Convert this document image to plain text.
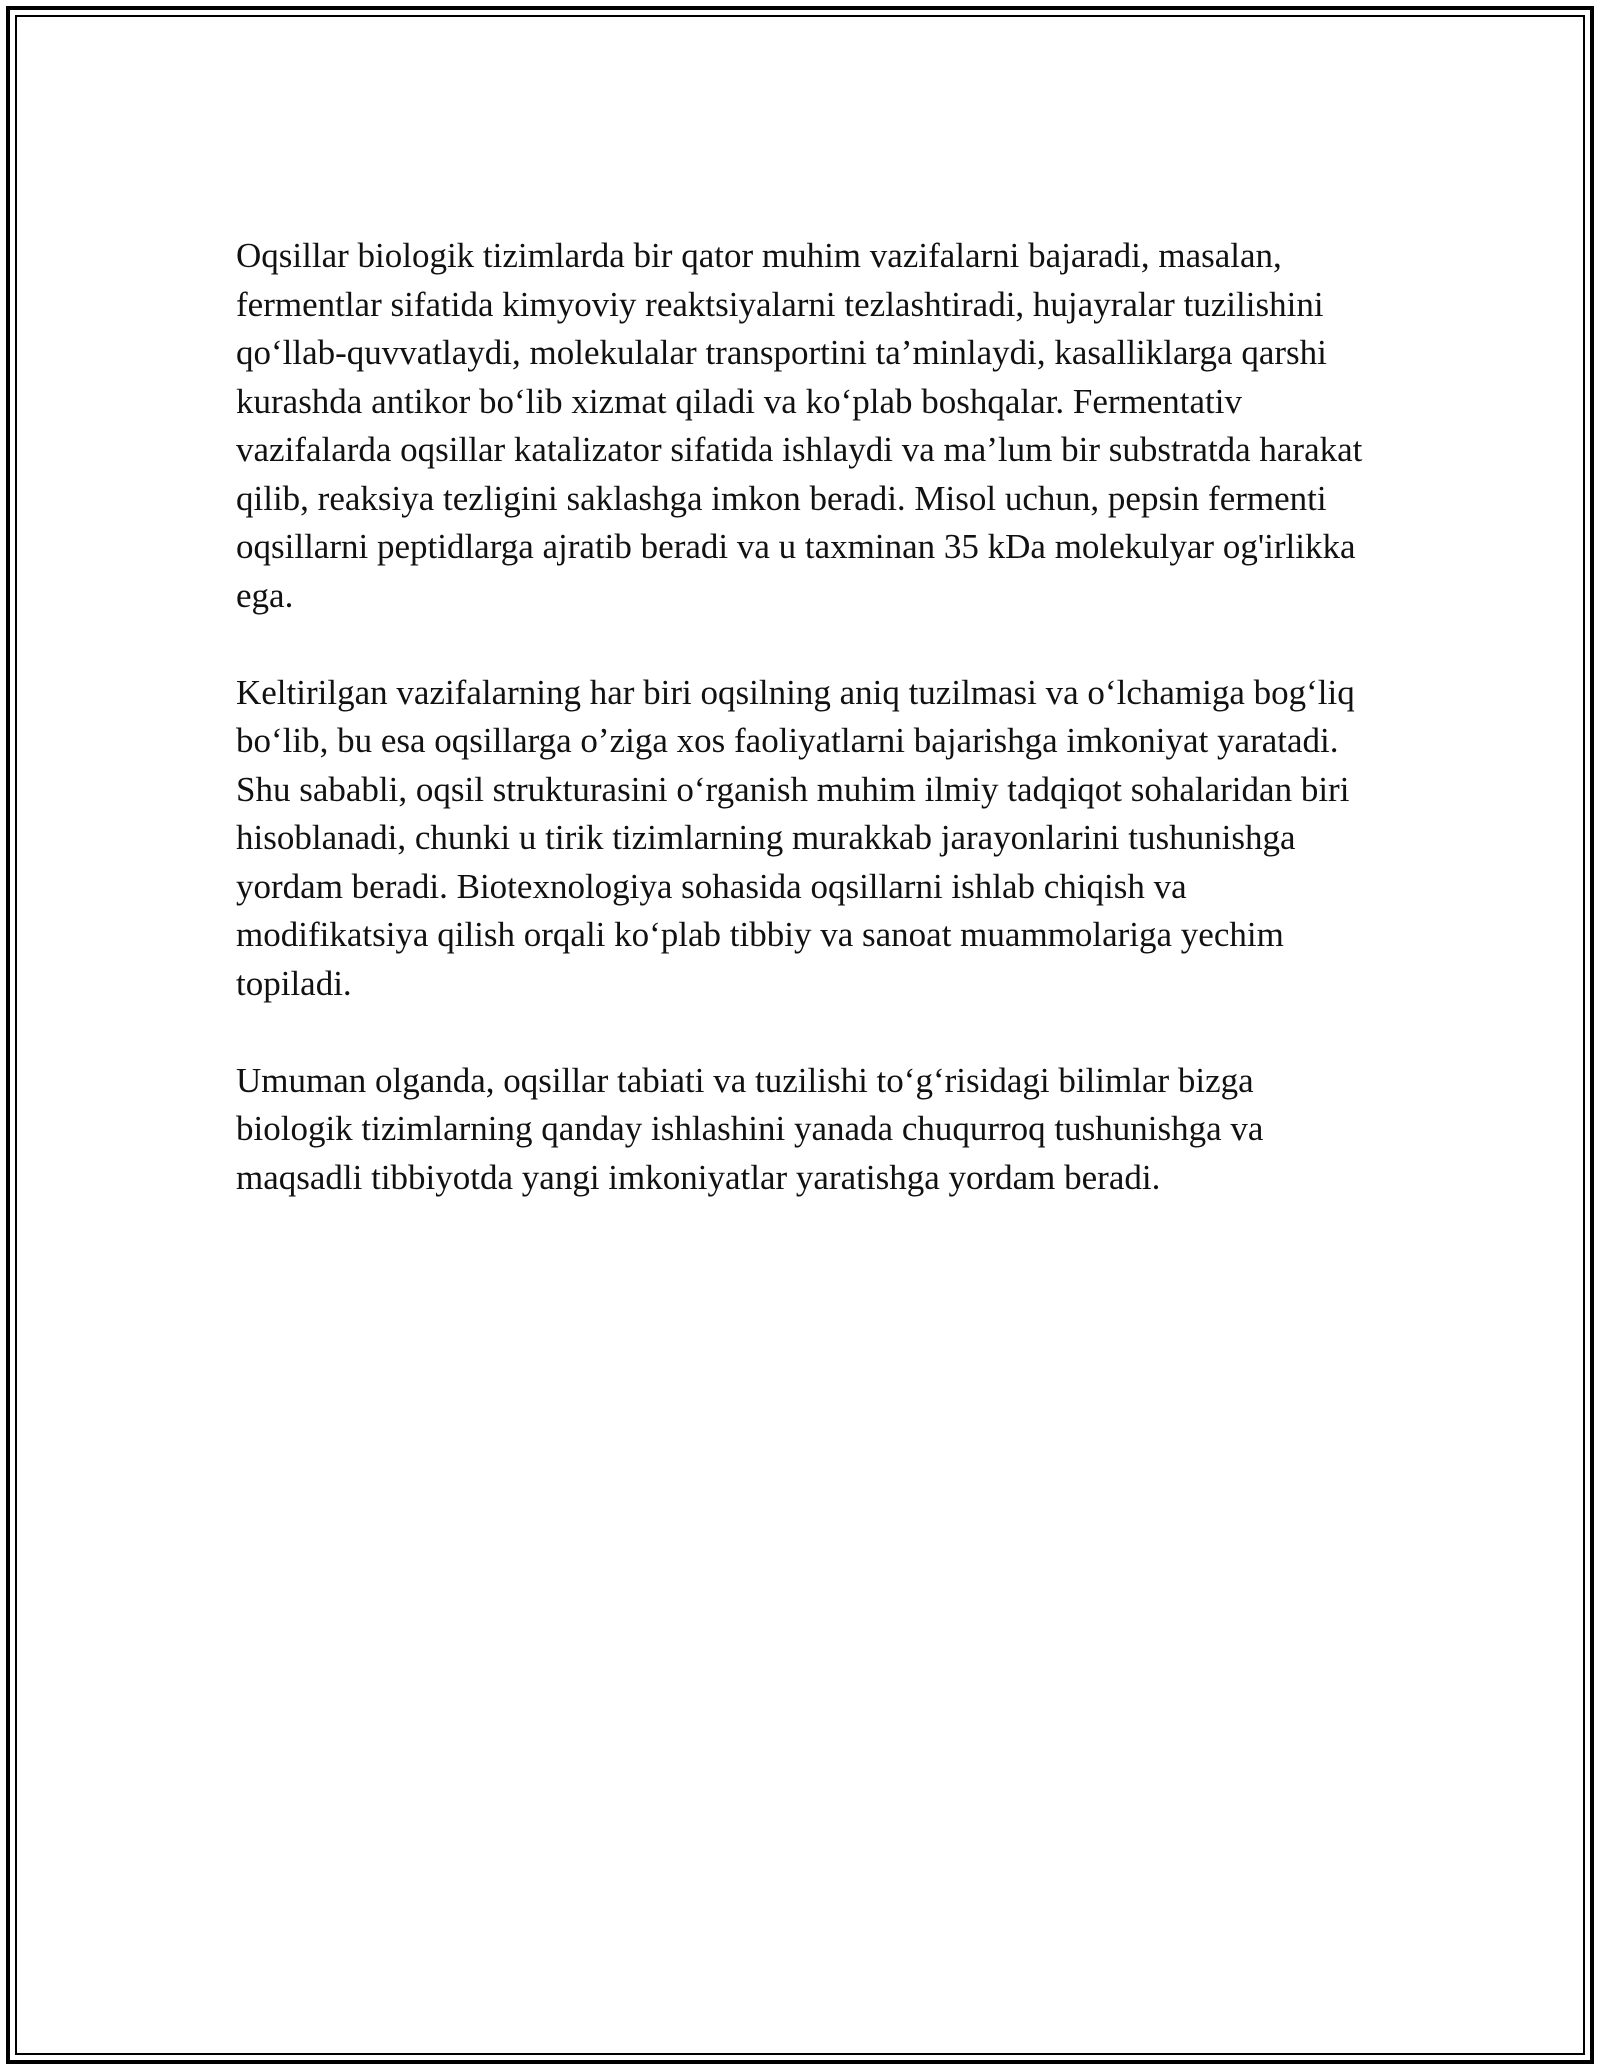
Oqsillar biologik tizimlarda bir qator muhim vazifalarni bajaradi, masalan, fermentlar sifatida kimyoviy reaktsiyalarni tezlashtiradi, hujayralar tuzilishini qo‘llab-quvvatlaydi, molekulalar transportini ta’minlaydi, kasalliklarga qarshi kurashda antikor bo‘lib xizmat qiladi va ko‘plab boshqalar. Fermentativ vazifalarda oqsillar katalizator sifatida ishlaydi va ma’lum bir substratda harakat qilib, reaksiya tezligini saklashga imkon beradi. Misol uchun, pepsin fermenti oqsillarni peptidlarga ajratib beradi va u taxminan 35 kDa molekulyar og'irlikka ega.

Keltirilgan vazifalarning har biri oqsilning aniq tuzilmasi va o‘lchamiga bog‘liq bo‘lib, bu esa oqsillarga o’ziga xos faoliyatlarni bajarishga imkoniyat yaratadi. Shu sababli, oqsil strukturasini o‘rganish muhim ilmiy tadqiqot sohalaridan biri hisoblanadi, chunki u tirik tizimlarning murakkab jarayonlarini tushunishga yordam beradi. Biotexnologiya sohasida oqsillarni ishlab chiqish va modifikatsiya qilish orqali ko‘plab tibbiy va sanoat muammolariga yechim topiladi.

Umuman olganda, oqsillar tabiati va tuzilishi to‘g‘risidagi bilimlar bizga biologik tizimlarning qanday ishlashini yanada chuqurroq tushunishga va maqsadli tibbiyotda yangi imkoniyatlar yaratishga yordam beradi.
